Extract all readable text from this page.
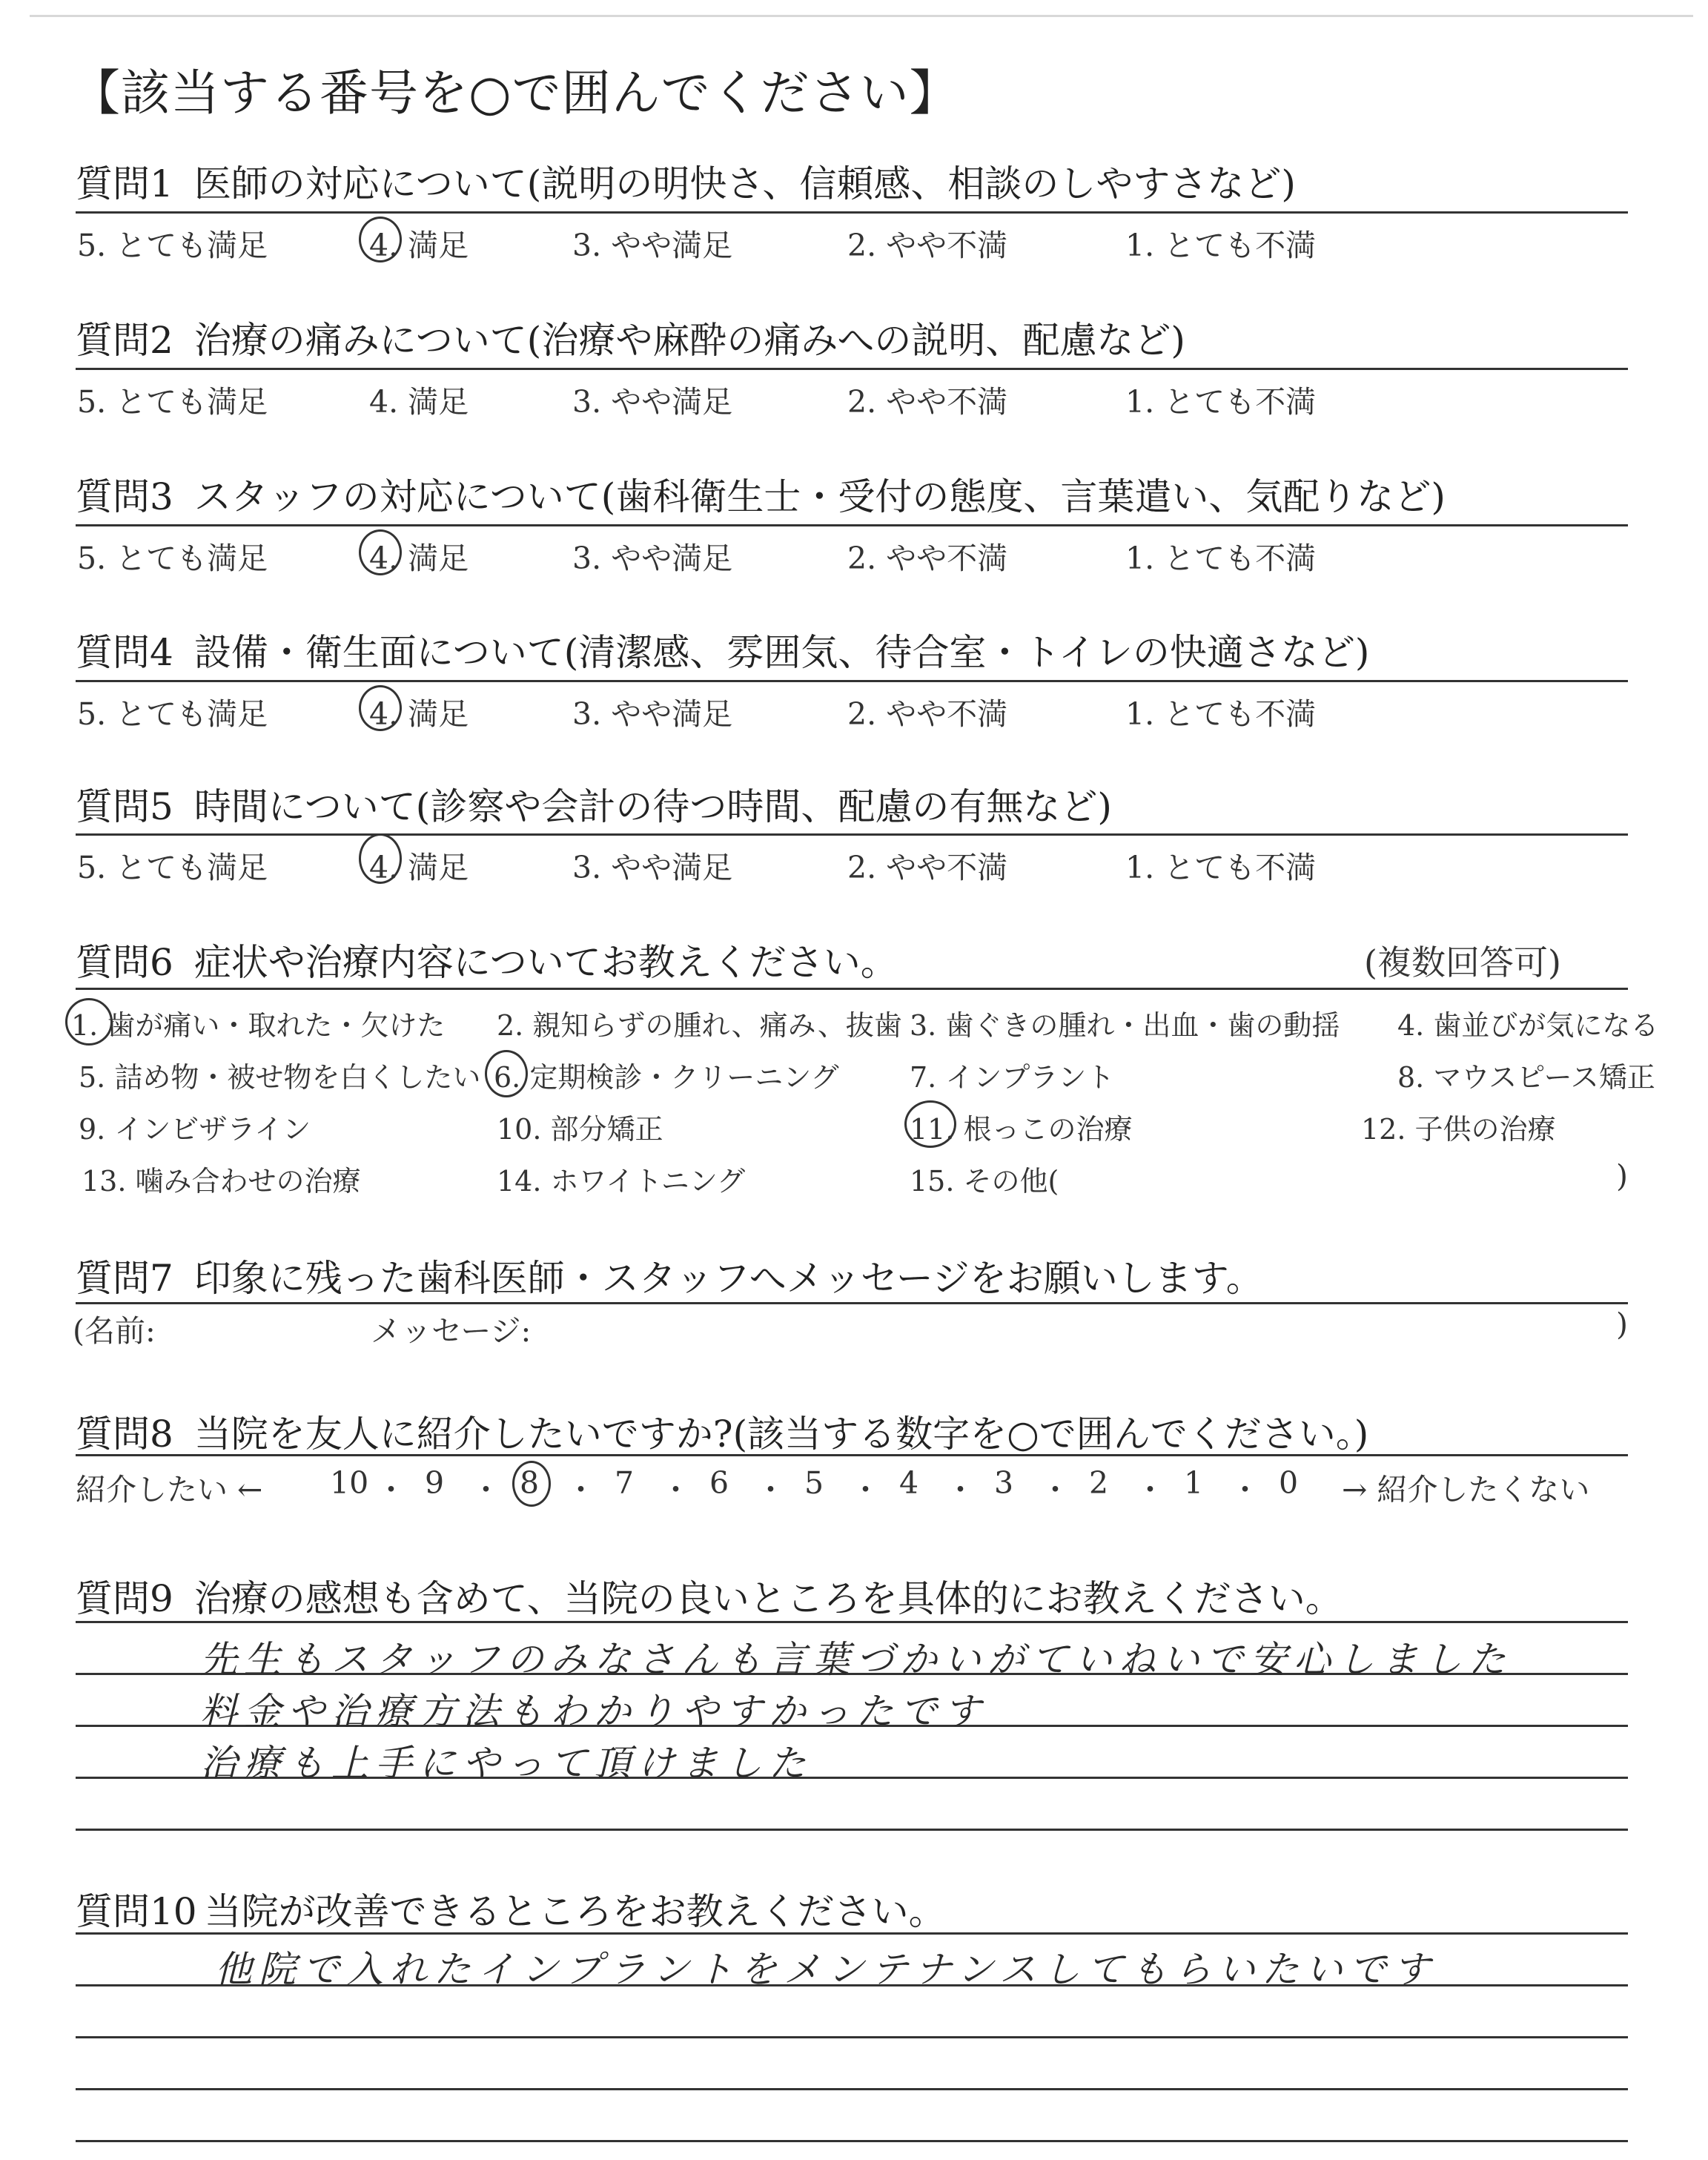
【該当する番号を○で囲んでください】
質問1 医師の対応について(説明の明快さ、信頼感、相談のしやすさなど)
5. とても満足	4. 満足	3. やや満足	2. やや不満	1. とても不満
質問2 治療の痛みについて(治療や麻酔の痛みへの説明、配慮など)
5. とても満足	4. 満足	3. やや満足	2. やや不満	1. とても不満
質問3 スタッフの対応について(歯科衛生士・受付の態度、言葉遣い、気配りなど)
5. とても満足	4. 満足	3. やや満足	2. やや不満	1. とても不満
質問4 設備・衛生面について(清潔感、雰囲気、待合室・トイレの快適さなど)
5. とても満足	4. 満足	3. やや満足	2. やや不満	1. とても不満
質問5 時間について(診察や会計の待つ時間、配慮の有無など)
5. とても満足	4. 満足	3. やや満足	2. やや不満	1. とても不満
質問6 症状や治療内容についてお教えください。	(複数回答可)
1. 歯が痛い・取れた・欠けた 2. 親知らずの腫れ、痛み、抜歯 3. 歯ぐきの腫れ・出血・歯の動揺 4. 歯並びが気になる
5. 詰め物・被せ物を白くしたい 6. 定期検診・クリーニング	7. インプラント	8. マウスピース矯正
9. インビザライン	10. 部分矯正	11. 根っこの治療	12. 子供の治療
13. 噛み合わせの治療	14. ホワイトニング	15. その他(	)
質問7 印象に残った歯科医師・スタッフへメッセージをお願いします。
(名前:	メッセージ:	)
質問8 当院を友人に紹介したいですか?(該当する数字を○で囲んでください。)
紹介したい ←	→ 紹介したくない
10 ・ 9 ・ 8 ・ 7 ・ 6 ・ 5 ・ 4 ・ 3 ・ 2 ・ 1 ・ 0
質問9 治療の感想も含めて、当院の良いところを具体的にお教えください。
先生もスタッフのみなさんも言葉づかいがていねいで安心しました
料金や治療方法もわかりやすかったです
治療も上手にやって頂けました
質問10 当院が改善できるところをお教えください。
他院で入れたインプラントをメンテナンスしてもらいたいです
